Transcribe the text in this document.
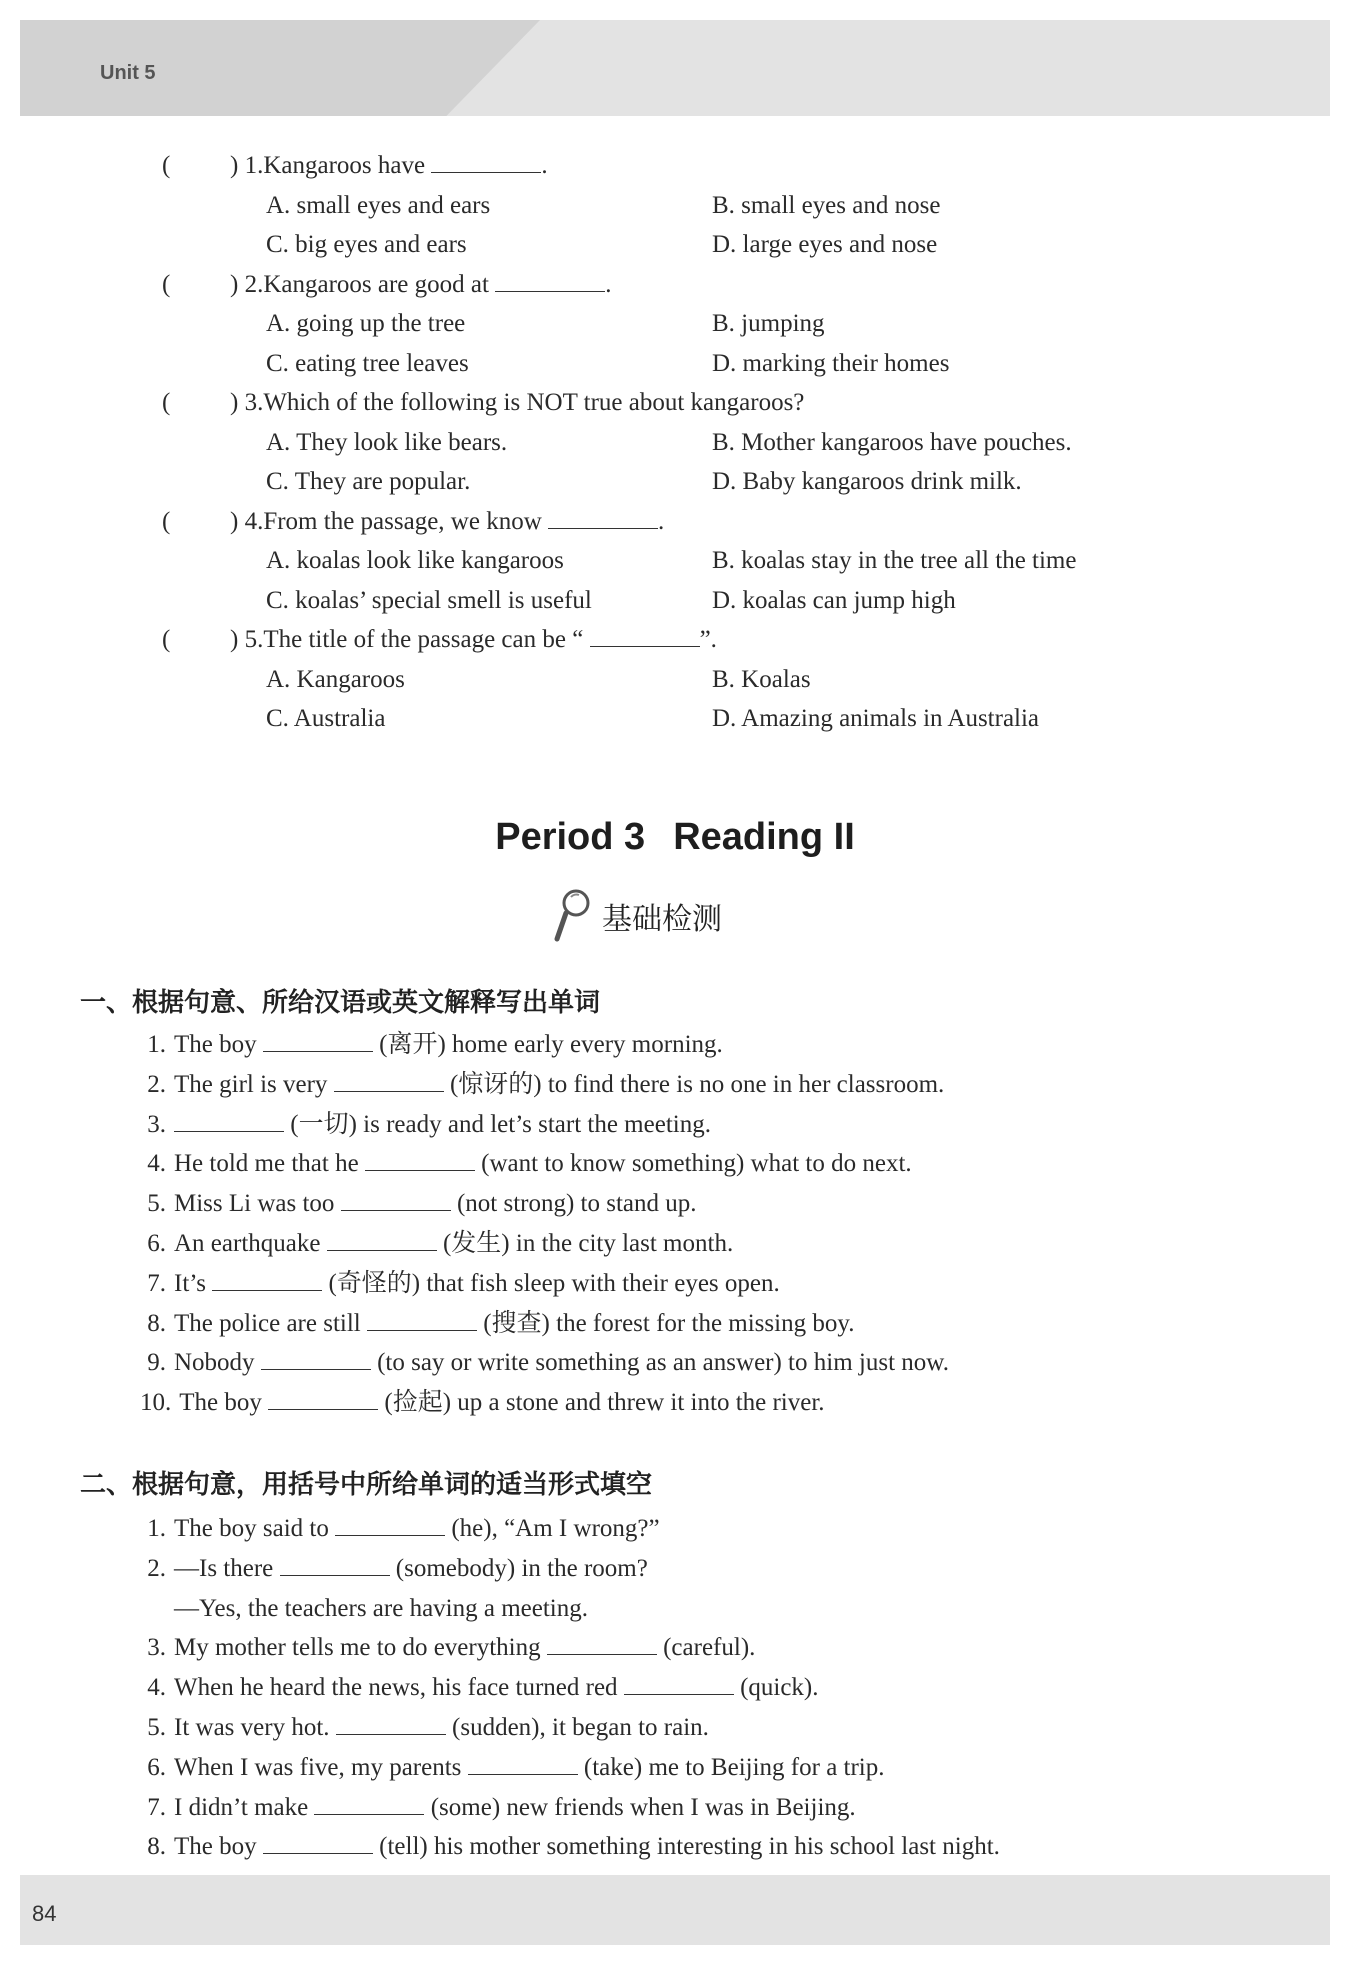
Unit 5
( ) 1.Kangaroos have	.
A. small eyes and ears	B. small eyes and nose
C. big eyes and ears	D. large eyes and nose
( ) 2.Kangaroos are good at	.
A. going up the tree	B. jumping
C. eating tree leaves	D. marking their homes
( ) 3.Which of the following is NOT true about kangaroos?
A. They look like bears.	B. Mother kangaroos have pouches.
C. They are popular.	D. Baby kangaroos drink milk.
( ) 4.From the passage, we know	.
A. koalas look like kangaroos	B. koalas stay in the tree all the time
C. koalas’ special smell is useful	D. koalas can jump high
( ) 5.The title of the passage can be “	”.
A. Kangaroos	B. Koalas
C. Australia	D. Amazing animals in Australia
Period 3 Reading II
基础检测
一、根据句意、所给汉语或英文解释写出单词
1. The boy	(离开) home early every morning.
2. The girl is very	(惊讶的) to find there is no one in her classroom.
3.	(一切) is ready and let’s start the meeting.
4. He told me that he	(want to know something) what to do next.
5. Miss Li was too	(not strong) to stand up.
6. An earthquake	(发生) in the city last month.
7. It’s	(奇怪的) that fish sleep with their eyes open.
8. The police are still	(搜查) the forest for the missing boy.
9. Nobody	(to say or write something as an answer) to him just now.
10. The boy	(捡起) up a stone and threw it into the river.
二、根据句意，用括号中所给单词的适当形式填空
1. The boy said to	(he), “Am I wrong?”
2. —Is there	(somebody) in the room?
—Yes, the teachers are having a meeting.
3. My mother tells me to do everything	(careful).
4. When he heard the news, his face turned red	(quick).
5. It was very hot.	(sudden), it began to rain.
6. When I was five, my parents	(take) me to Beijing for a trip.
7. I didn’t make	(some) new friends when I was in Beijing.
8. The boy	(tell) his mother something interesting in his school last night.
84
